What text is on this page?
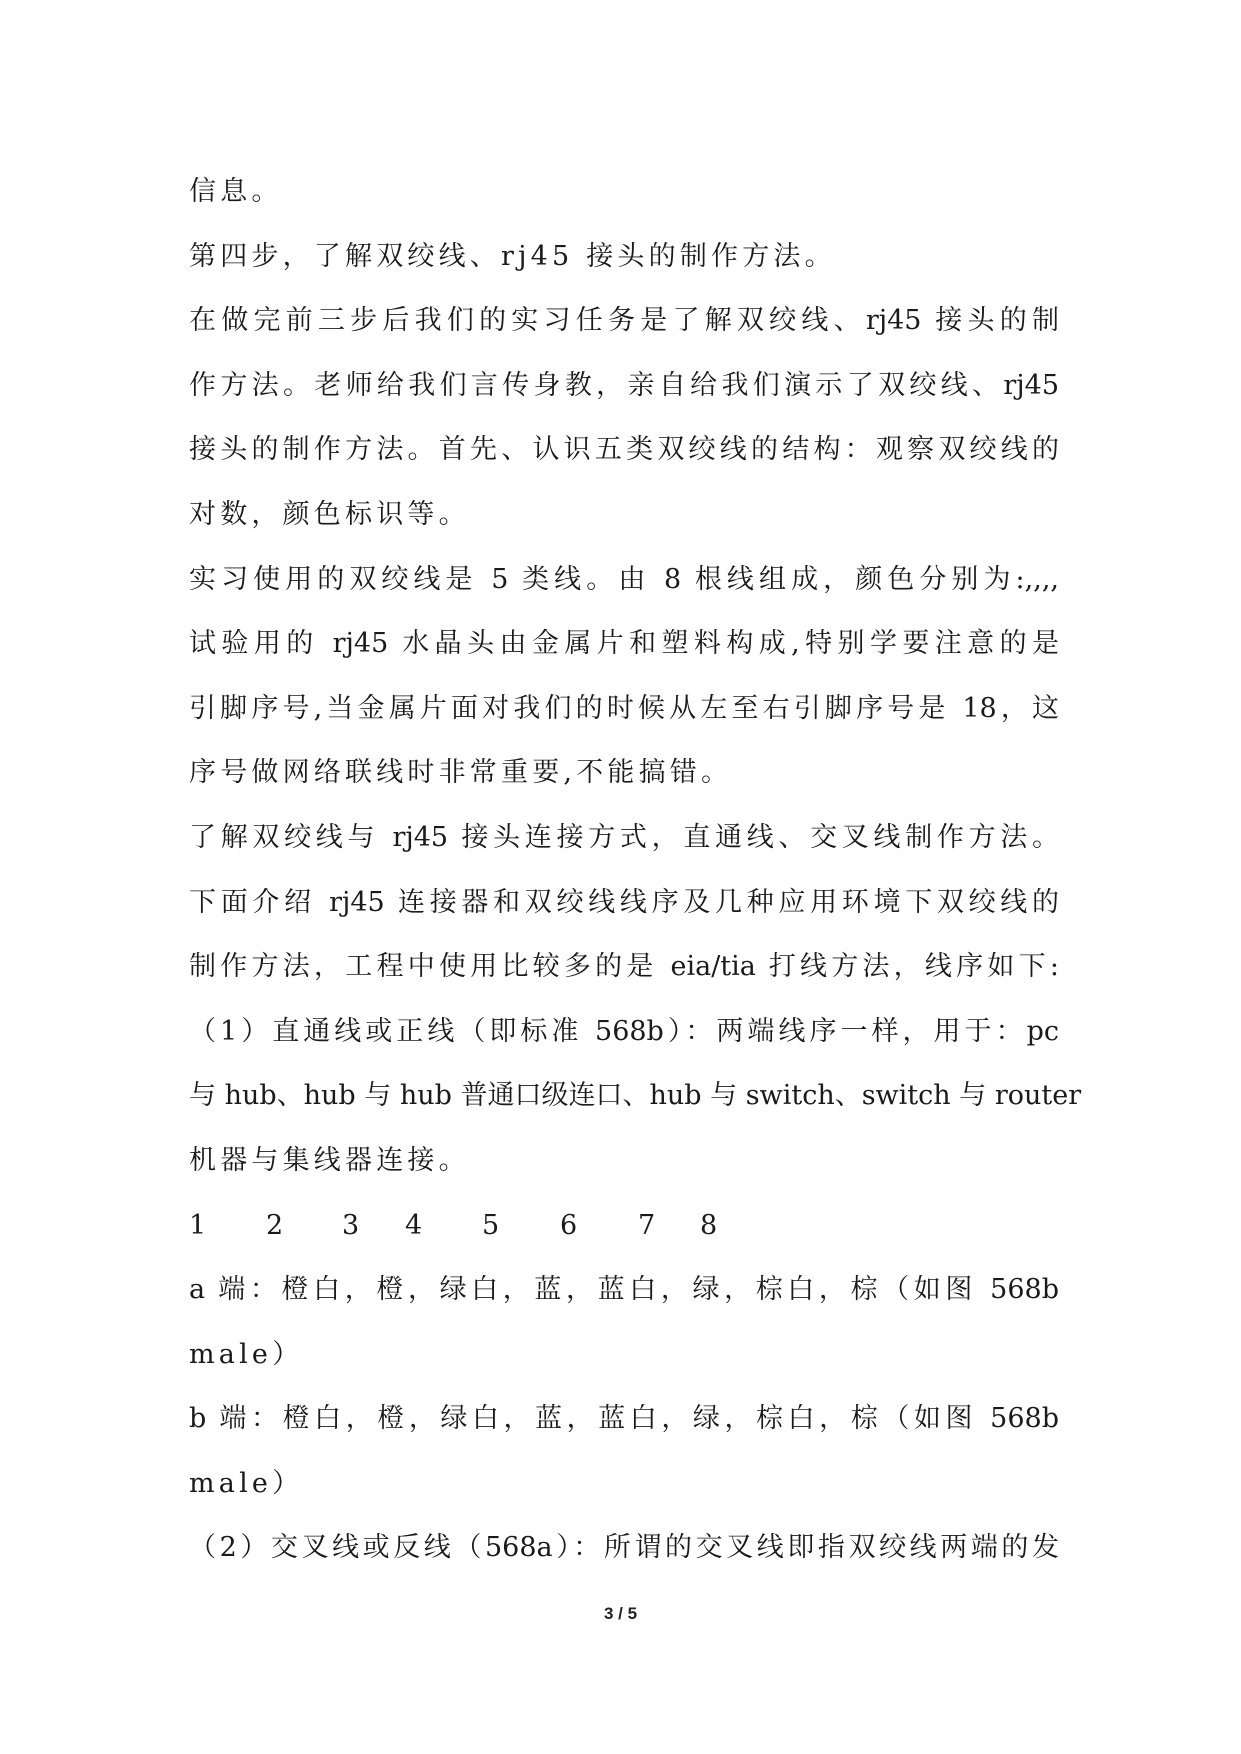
信息。
第四步，了解双绞线、rj45 接头的制作方法。
在做完前三步后我们的实习任务是了解双绞线、rj45 接头的制
作方法。老师给我们言传身教，亲自给我们演示了双绞线、rj45
接头的制作方法。首先、认识五类双绞线的结构：观察双绞线的
对数，颜色标识等。
实习使用的双绞线是 5 类线。由 8 根线组成，颜色分别为:,,,,
试验用的 rj45 水晶头由金属片和塑料构成,特别学要注意的是
引脚序号,当金属片面对我们的时候从左至右引脚序号是 18，这
序号做网络联线时非常重要,不能搞错。
了解双绞线与 rj45 接头连接方式，直通线、交叉线制作方法。
下面介绍 rj45 连接器和双绞线线序及几种应用环境下双绞线的
制作方法，工程中使用比较多的是 eia/tia 打线方法，线序如下:
（1）直通线或正线（即标准 568b）：两端线序一样，用于：pc
与 hub、hub 与 hub 普通口级连口、hub 与 switch、switch 与 router
机器与集线器连接。
1 2 3 4 5 6 7 8
a 端：橙白，橙，绿白，蓝，蓝白，绿，棕白，棕（如图 568b
male）
b 端：橙白，橙，绿白，蓝，蓝白，绿，棕白，棕（如图 568b
male）
（2）交叉线或反线（568a）：所谓的交叉线即指双绞线两端的发
3 / 5
